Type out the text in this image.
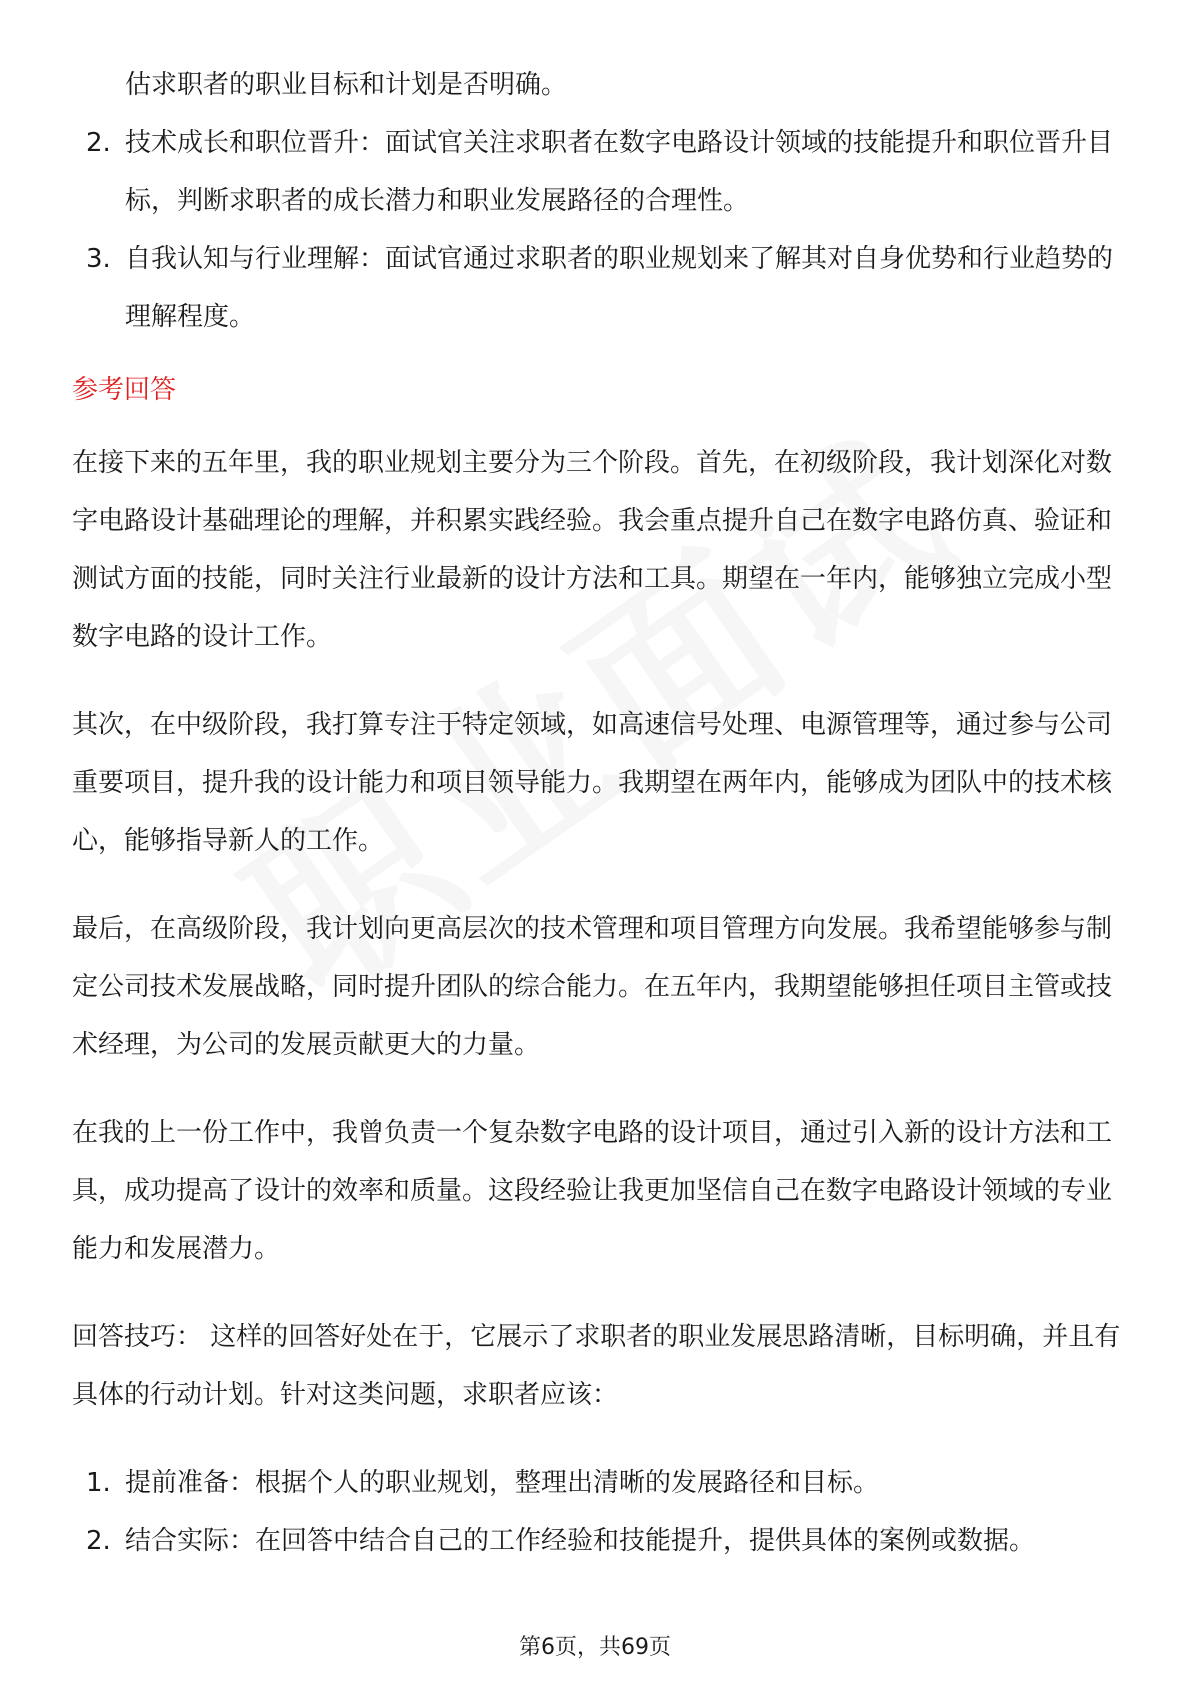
估求职者的职业目标和计划是否明确。

2. 技术成长和职位晋升：面试官关注求职者在数字电路设计领域的技能提升和职位晋升目标，判断求职者的成长潜力和职业发展路径的合理性。
3. 自我认知与行业理解：面试官通过求职者的职业规划来了解其对自身优势和行业趋势的理解程度。
参考回答

在接下来的五年里，我的职业规划主要分为三个阶段。首先，在初级阶段，我计划深化对数字电路设计基础理论的理解，并积累实践经验。我会重点提升自己在数字电路仿真、验证和测试方面的技能，同时关注行业最新的设计方法和工具。期望在一年内，能够独立完成小型数字电路的设计工作。

其次，在中级阶段，我打算专注于特定领域，如高速信号处理、电源管理等，通过参与公司重要项目，提升我的设计能力和项目领导能力。我期望在两年内，能够成为团队中的技术核心，能够指导新人的工作。

最后，在高级阶段，我计划向更高层次的技术管理和项目管理方向发展。我希望能够参与制定公司技术发展战略，同时提升团队的综合能力。在五年内，我期望能够担任项目主管或技术经理，为公司的发展贡献更大的力量。

在我的上一份工作中，我曾负责一个复杂数字电路的设计项目，通过引入新的设计方法和工具，成功提高了设计的效率和质量。这段经验让我更加坚信自己在数字电路设计领域的专业能力和发展潜力。

回答技巧： 这样的回答好处在于，它展示了求职者的职业发展思路清晰，目标明确，并且有具体的行动计划。针对这类问题，求职者应该：

1. 提前准备：根据个人的职业规划，整理出清晰的发展路径和目标。
2. 结合实际：在回答中结合自己的工作经验和技能提升，提供具体的案例或数据。
第6页，共69页
